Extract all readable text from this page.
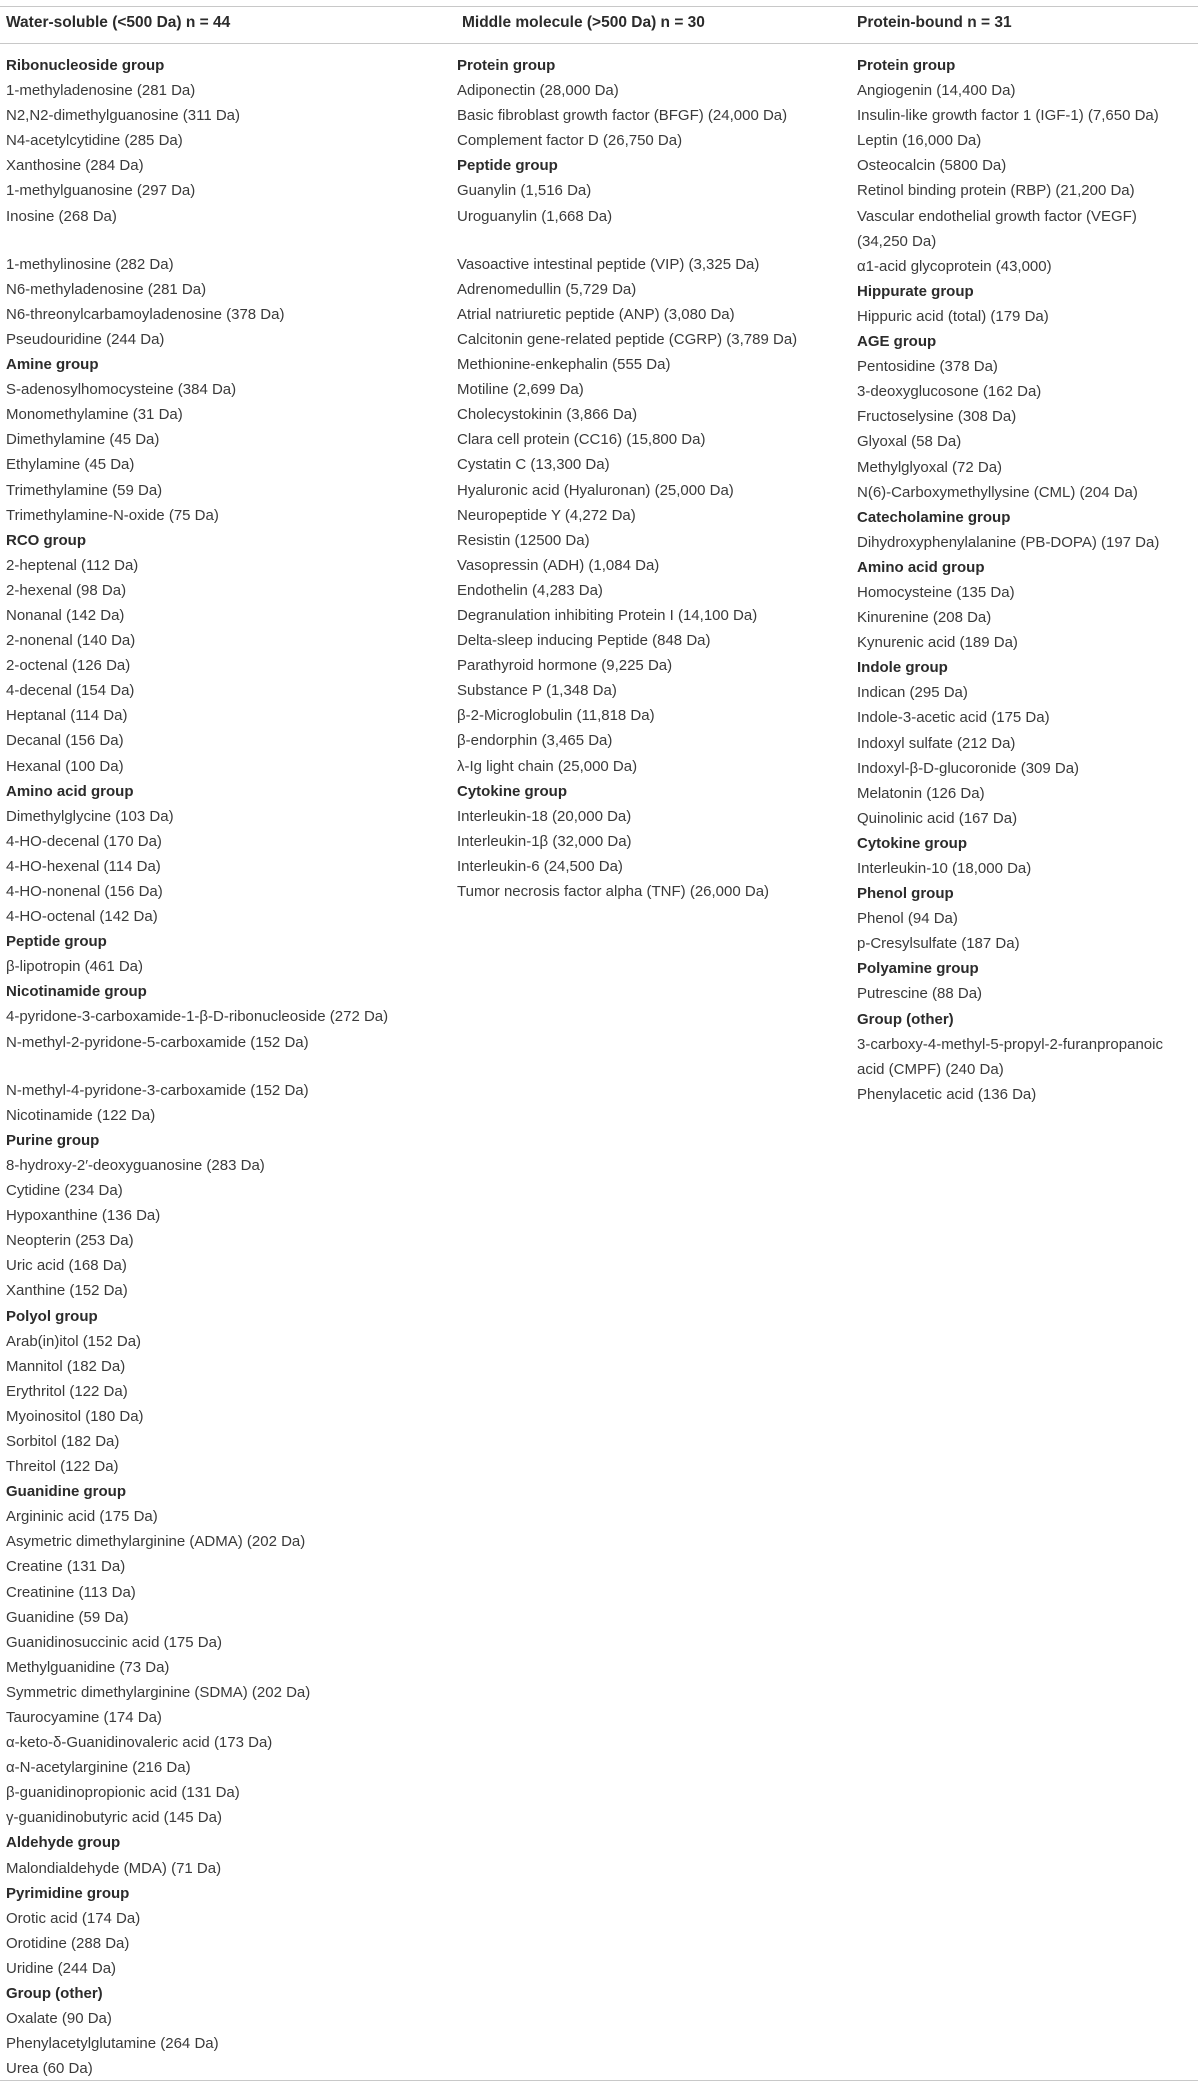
Water-soluble (<500 Da) n = 44	Middle molecule (>500 Da) n = 30	Protein-bound n = 31
Ribonucleoside group
1-methyladenosine (281 Da)
N2,N2-dimethylguanosine (311 Da)
N4-acetylcytidine (285 Da)
Xanthosine (284 Da)
1-methylguanosine (297 Da)
Inosine (268 Da)
1-methylinosine (282 Da)
N6-methyladenosine (281 Da)
N6-threonylcarbamoyladenosine (378 Da)
Pseudouridine (244 Da)
Amine group
S-adenosylhomocysteine (384 Da)
Monomethylamine (31 Da)
Dimethylamine (45 Da)
Ethylamine (45 Da)
Trimethylamine (59 Da)
Trimethylamine-N-oxide (75 Da)
RCO group
2-heptenal (112 Da)
2-hexenal (98 Da)
Nonanal (142 Da)
2-nonenal (140 Da)
2-octenal (126 Da)
4-decenal (154 Da)
Heptanal (114 Da)
Decanal (156 Da)
Hexanal (100 Da)
Amino acid group
Dimethylglycine (103 Da)
4-HO-decenal (170 Da)
4-HO-hexenal (114 Da)
4-HO-nonenal (156 Da)
4-HO-octenal (142 Da)
Peptide group
β-lipotropin (461 Da)
Nicotinamide group
4-pyridone-3-carboxamide-1-β-D-ribonucleoside (272 Da)
N-methyl-2-pyridone-5-carboxamide (152 Da)
N-methyl-4-pyridone-3-carboxamide (152 Da)
Nicotinamide (122 Da)
Purine group
8-hydroxy-2′-deoxyguanosine (283 Da)
Cytidine (234 Da)
Hypoxanthine (136 Da)
Neopterin (253 Da)
Uric acid (168 Da)
Xanthine (152 Da)
Polyol group
Arab(in)itol (152 Da)
Mannitol (182 Da)
Erythritol (122 Da)
Myoinositol (180 Da)
Sorbitol (182 Da)
Threitol (122 Da)
Guanidine group
Argininic acid (175 Da)
Asymetric dimethylarginine (ADMA) (202 Da)
Creatine (131 Da)
Creatinine (113 Da)
Guanidine (59 Da)
Guanidinosuccinic acid (175 Da)
Methylguanidine (73 Da)
Symmetric dimethylarginine (SDMA) (202 Da)
Taurocyamine (174 Da)
α-keto-δ-Guanidinovaleric acid (173 Da)
α-N-acetylarginine (216 Da)
β-guanidinopropionic acid (131 Da)
γ-guanidinobutyric acid (145 Da)
Aldehyde group
Malondialdehyde (MDA) (71 Da)
Pyrimidine group
Orotic acid (174 Da)
Orotidine (288 Da)
Uridine (244 Da)
Group (other)
Oxalate (90 Da)
Phenylacetylglutamine (264 Da)
Urea (60 Da)
Protein group
Adiponectin (28,000 Da)
Basic fibroblast growth factor (BFGF) (24,000 Da)
Complement factor D (26,750 Da)
Peptide group
Guanylin (1,516 Da)
Uroguanylin (1,668 Da)
Vasoactive intestinal peptide (VIP) (3,325 Da)
Adrenomedullin (5,729 Da)
Atrial natriuretic peptide (ANP) (3,080 Da)
Calcitonin gene-related peptide (CGRP) (3,789 Da)
Methionine-enkephalin (555 Da)
Motiline (2,699 Da)
Cholecystokinin (3,866 Da)
Clara cell protein (CC16) (15,800 Da)
Cystatin C (13,300 Da)
Hyaluronic acid (Hyaluronan) (25,000 Da)
Neuropeptide Y (4,272 Da)
Resistin (12500 Da)
Vasopressin (ADH) (1,084 Da)
Endothelin (4,283 Da)
Degranulation inhibiting Protein I (14,100 Da)
Delta-sleep inducing Peptide (848 Da)
Parathyroid hormone (9,225 Da)
Substance P (1,348 Da)
β-2-Microglobulin (11,818 Da)
β-endorphin (3,465 Da)
λ-Ig light chain (25,000 Da)
Cytokine group
Interleukin-18 (20,000 Da)
Interleukin-1β (32,000 Da)
Interleukin-6 (24,500 Da)
Tumor necrosis factor alpha (TNF) (26,000 Da)
Protein group
Angiogenin (14,400 Da)
Insulin-like growth factor 1 (IGF-1) (7,650 Da)
Leptin (16,000 Da)
Osteocalcin (5800 Da)
Retinol binding protein (RBP) (21,200 Da)
Vascular endothelial growth factor (VEGF)
(34,250 Da)
α1-acid glycoprotein (43,000)
Hippurate group
Hippuric acid (total) (179 Da)
AGE group
Pentosidine (378 Da)
3-deoxyglucosone (162 Da)
Fructoselysine (308 Da)
Glyoxal (58 Da)
Methylglyoxal (72 Da)
N(6)-Carboxymethyllysine (CML) (204 Da)
Catecholamine group
Dihydroxyphenylalanine (PB-DOPA) (197 Da)
Amino acid group
Homocysteine (135 Da)
Kinurenine (208 Da)
Kynurenic acid (189 Da)
Indole group
Indican (295 Da)
Indole-3-acetic acid (175 Da)
Indoxyl sulfate (212 Da)
Indoxyl-β-D-glucoronide (309 Da)
Melatonin (126 Da)
Quinolinic acid (167 Da)
Cytokine group
Interleukin-10 (18,000 Da)
Phenol group
Phenol (94 Da)
p-Cresylsulfate (187 Da)
Polyamine group
Putrescine (88 Da)
Group (other)
3-carboxy-4-methyl-5-propyl-2-furanpropanoic
acid (CMPF) (240 Da)
Phenylacetic acid (136 Da)
